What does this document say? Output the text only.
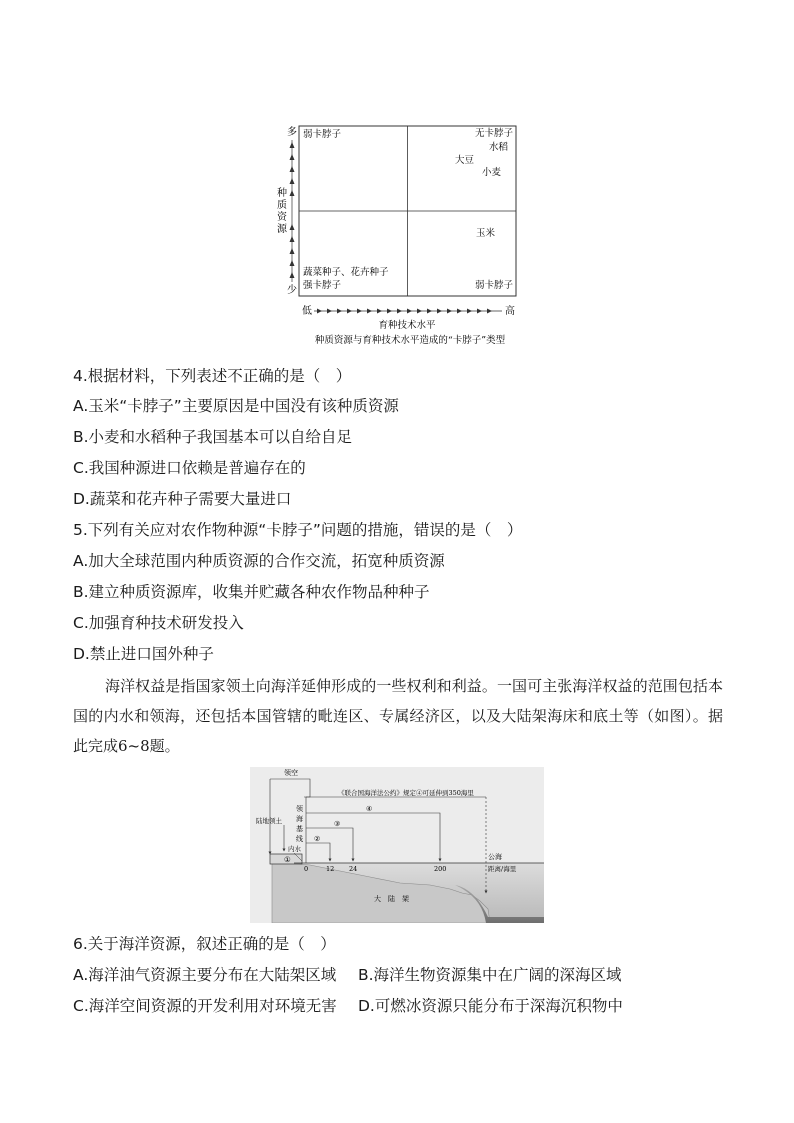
多
少
种质资源
低	高
育种技术水平
种质资源与育种技术水平造成的“卡脖子”类型
弱卡脖子	无卡脖子
水稻
大豆
小麦
玉米
弱卡脖子
蔬菜种子、花卉种子
强卡脖子
4.根据材料，下列表述不正确的是（　）
A.玉米“卡脖子”主要原因是中国没有该种质资源
B.小麦和水稻种子我国基本可以自给自足
C.我国种源进口依赖是普遍存在的
D.蔬菜和花卉种子需要大量进口
5.下列有关应对农作物种源“卡脖子”问题的措施，错误的是（　）
A.加大全球范围内种质资源的合作交流，拓宽种质资源
B.建立种质资源库，收集并贮藏各种农作物品种种子
C.加强育种技术研发投入
D.禁止进口国外种子
海洋权益是指国家领土向海洋延伸形成的一些权利和利益。一国可主张海洋权益的范围包括本国的内水和领海，还包括本国管辖的毗连区、专属经济区，以及大陆架海床和底土等（如图）。据此完成6~8题。
①
领空
《联合国海洋法公约》规定④可延伸到350海里
④
③
②
领
海
基
线
陆地领土
内水
0	12 24	200
公海
距离/海里
大　陆　架
6.关于海洋资源，叙述正确的是（　）
A.海洋油气资源主要分布在大陆架区域 B.海洋生物资源集中在广阔的深海区域
C.海洋空间资源的开发利用对环境无害 D.可燃冰资源只能分布于深海沉积物中
